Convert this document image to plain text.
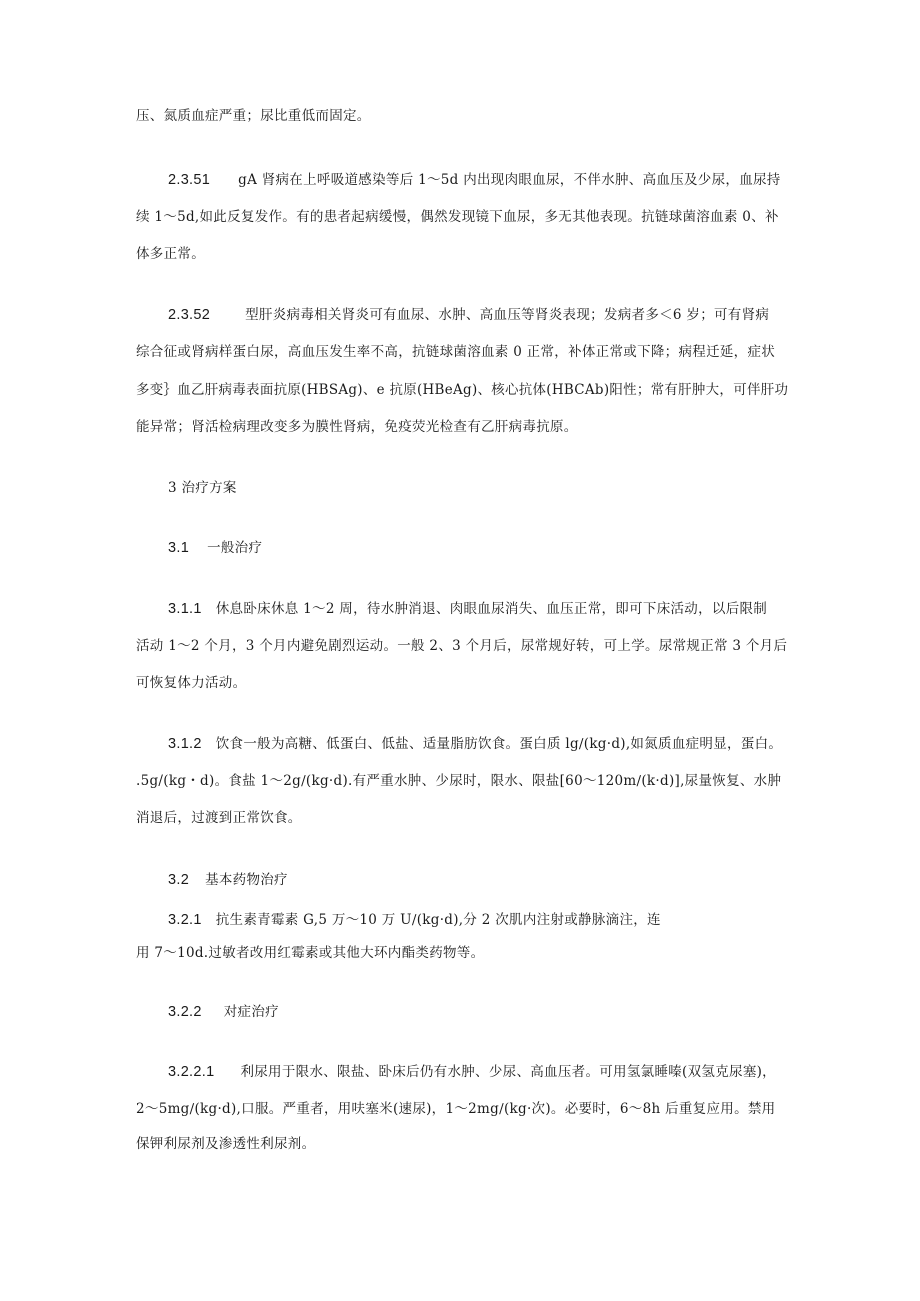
压、氮质血症严重；尿比重低而固定。
2.3.51 gA 肾病在上呼吸道感染等后 1～5d 内出现肉眼血尿，不伴水肿、高血压及少尿，血尿持
续 1～5d,如此反复发作。有的患者起病缓慢，偶然发现镜下血尿，多无其他表现。抗链球菌溶血素 0、补
体多正常。
2.3.52	型肝炎病毒相关肾炎可有血尿、水肿、高血压等肾炎表现；发病者多＜6 岁；可有肾病
综合征或肾病样蛋白尿，高血压发生率不高，抗链球菌溶血素 0 正常，补体正常或下降；病程迁延，症状
多变｝血乙肝病毒表面抗原(HBSAg)、e 抗原(HBeAg)、核心抗体(HBCAb)阳性；常有肝肿大，可伴肝功
能异常；肾活检病理改变多为膜性肾病，免疫荧光检查有乙肝病毒抗原。
3 治疗方案
3.1 一般治疗
3.1.1 休息卧床休息 1～2 周，待水肿消退、肉眼血尿消失、血压正常，即可下床活动，以后限制
活动 1～2 个月，3 个月内避免剧烈运动。一般 2、3 个月后，尿常规好转，可上学。尿常规正常 3 个月后
可恢复体力活动。
3.1.2 饮食一般为高糖、低蛋白、低盐、适量脂肪饮食。蛋白质 lg∕(kg·d),如氮质血症明显，蛋白。
.5g/(kg・d)。食盐 1～2g∕(kg·d).有严重水肿、少尿时，限水、限盐[60～120m∕(k·d)],尿量恢复、水肿
消退后，过渡到正常饮食。
3.2 基本药物治疗
3.2.1 抗生素青霉素 G,5 万～10 万 U∕(kg·d),分 2 次肌内注射或静脉滴注，连
用 7～10d.过敏者改用红霉素或其他大环内酯类药物等。
3.2.2 对症治疗
3.2.2.1 利尿用于限水、限盐、卧床后仍有水肿、少尿、高血压者。可用氢氯睡嗪(双氢克尿塞)，
2～5mg∕(kg·d),口服。严重者，用呋塞米(速尿)，1～2mg∕(kg·次)。必要时，6～8h 后重复应用。禁用
保钾利尿剂及渗透性利尿剂。
